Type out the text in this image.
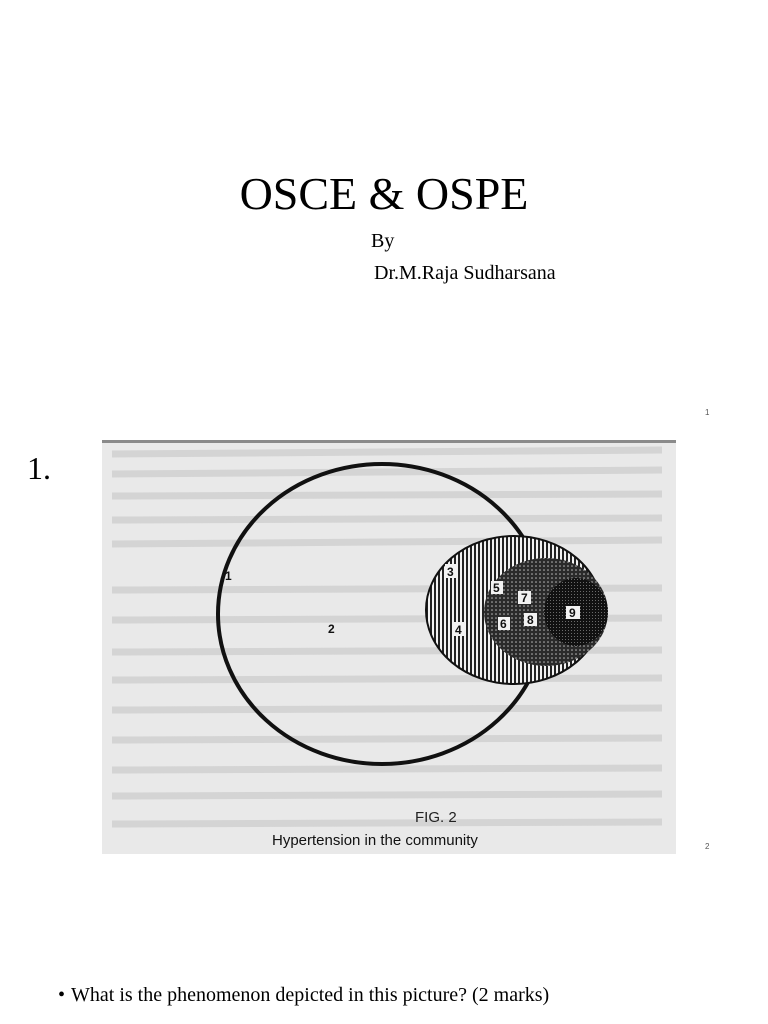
OSCE & OSPE
By
Dr.M.Raja Sudharsana
1
1.
1
2
3
4
5
6
7
8	9
FIG. 2
Hypertension in the community	2
• What is the phenomenon depicted in this picture? (2 marks)
